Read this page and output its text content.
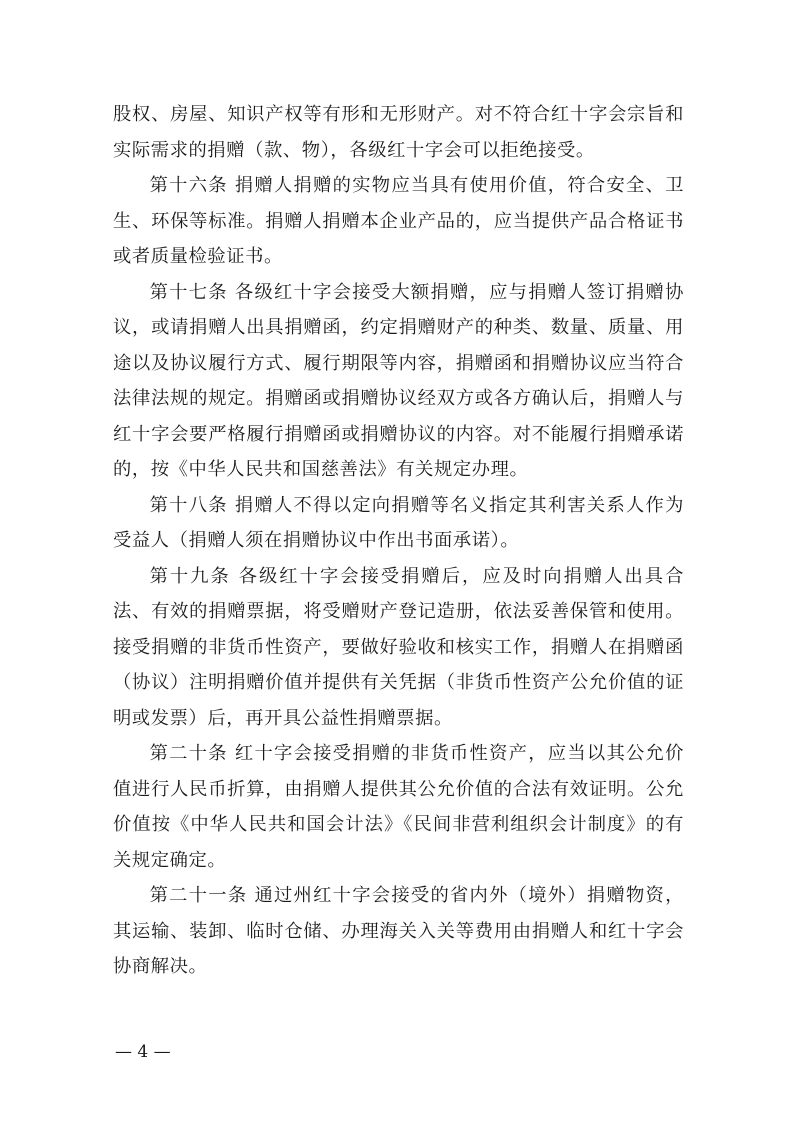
股权、房屋、知识产权等有形和无形财产。对不符合红十字会宗旨和实际需求的捐赠（款、物），各级红十字会可以拒绝接受。

第十六条 捐赠人捐赠的实物应当具有使用价值，符合安全、卫生、环保等标准。捐赠人捐赠本企业产品的，应当提供产品合格证书或者质量检验证书。

第十七条 各级红十字会接受大额捐赠，应与捐赠人签订捐赠协议，或请捐赠人出具捐赠函，约定捐赠财产的种类、数量、质量、用途以及协议履行方式、履行期限等内容，捐赠函和捐赠协议应当符合法律法规的规定。捐赠函或捐赠协议经双方或各方确认后，捐赠人与红十字会要严格履行捐赠函或捐赠协议的内容。对不能履行捐赠承诺的，按《中华人民共和国慈善法》有关规定办理。

第十八条 捐赠人不得以定向捐赠等名义指定其利害关系人作为受益人（捐赠人须在捐赠协议中作出书面承诺）。

第十九条 各级红十字会接受捐赠后，应及时向捐赠人出具合法、有效的捐赠票据，将受赠财产登记造册，依法妥善保管和使用。接受捐赠的非货币性资产，要做好验收和核实工作，捐赠人在捐赠函（协议）注明捐赠价值并提供有关凭据（非货币性资产公允价值的证明或发票）后，再开具公益性捐赠票据。

第二十条 红十字会接受捐赠的非货币性资产，应当以其公允价值进行人民币折算，由捐赠人提供其公允价值的合法有效证明。公允价值按《中华人民共和国会计法》《民间非营利组织会计制度》的有关规定确定。

第二十一条 通过州红十字会接受的省内外（境外）捐赠物资，其运输、装卸、临时仓储、办理海关入关等费用由捐赠人和红十字会协商解决。

— 4 —
